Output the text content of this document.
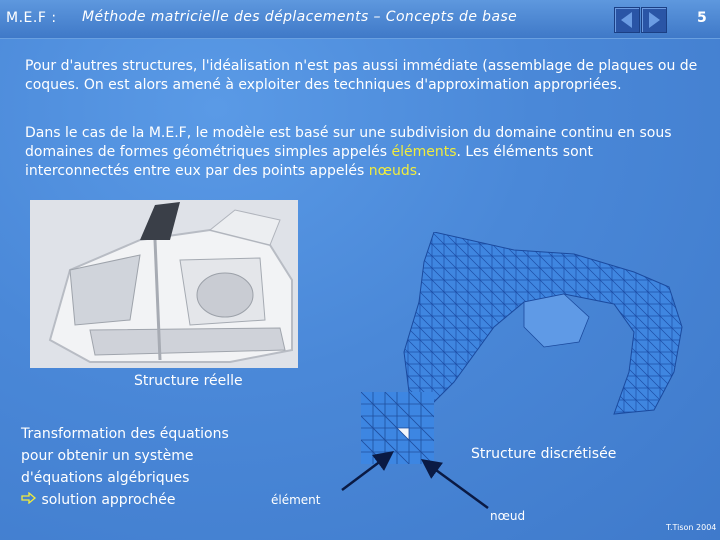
M.E.F : Méthode matricielle des déplacements – Concepts de base	5
Pour d'autres structures, l'idéalisation n'est pas aussi immédiate (assemblage de plaques ou de coques. On est alors amené à exploiter des techniques d'approximation appropriées.
Dans le cas de la M.E.F, le modèle est basé sur une subdivision du domaine continu en sous domaines de formes géométriques simples appelés éléments. Les éléments sont interconnectés entre eux par des points appelés nœuds.
Structure réelle
Transformation des équations
pour obtenir un système
d'équations algébriques
solution approchée	élément
Structure discrétisée
nœud
T.Tison 2004
